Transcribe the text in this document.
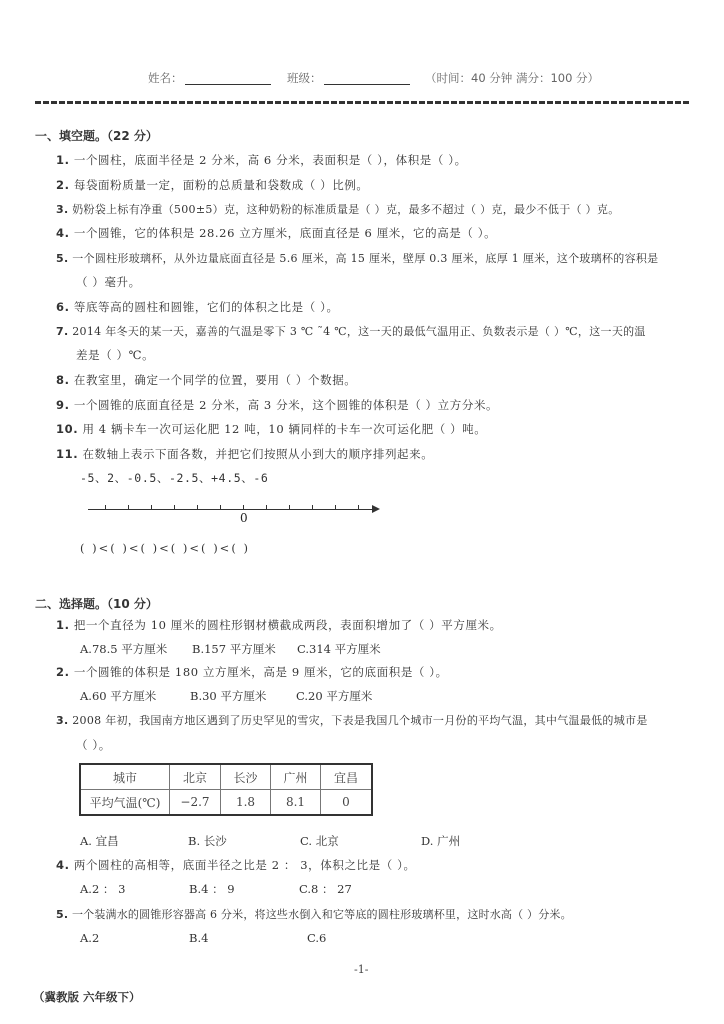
姓名：	班级：	（时间：40 分钟 满分：100 分）
一、填空题。（22 分）
1. 一个圆柱，底面半径是 2 分米，高 6 分米，表面积是（ ），体积是（ ）。
2. 每袋面粉质量一定，面粉的总质量和袋数成（ ）比例。
3. 奶粉袋上标有净重（500±5）克，这种奶粉的标准质量是（ ）克，最多不超过（ ）克，最少不低于（ ）克。
4. 一个圆锥，它的体积是 28.26 立方厘米，底面直径是 6 厘米，它的高是（ ）。
5. 一个圆柱形玻璃杯，从外边量底面直径是 5.6 厘米，高 15 厘米，壁厚 0.3 厘米，底厚 1 厘米，这个玻璃杯的容积是
（ ）毫升。
6. 等底等高的圆柱和圆锥，它们的体积之比是（ ）。
7. 2014 年冬天的某一天，嘉善的气温是零下 3 ℃ ˜4 ℃，这一天的最低气温用正、负数表示是（ ）℃，这一天的温
差是（ ）℃。
8. 在教室里，确定一个同学的位置，要用（ ）个数据。
9. 一个圆锥的底面直径是 2 分米，高 3 分米，这个圆锥的体积是（ ）立方分米。
10. 用 4 辆卡车一次可运化肥 12 吨，10 辆同样的卡车一次可运化肥（ ）吨。
11. 在数轴上表示下面各数，并把它们按照从小到大的顺序排列起来。
-5、2、-0.5、-2.5、+4.5、-6
0
( )<( )<( )<( )<( )<( )
二、选择题。（10 分）
1. 把一个直径为 10 厘米的圆柱形钢材横截成两段，表面积增加了（ ）平方厘米。
A.78.5 平方厘米 B.157 平方厘米 C.314 平方厘米
2. 一个圆锥的体积是 180 立方厘米，高是 9 厘米，它的底面积是（ ）。
A.60 平方厘米	B.30 平方厘米	C.20 平方厘米
3. 2008 年初，我国南方地区遇到了历史罕见的雪灾，下表是我国几个城市一月份的平均气温，其中气温最低的城市是
（ ）。
城市	北京	长沙	广州	宜昌
平均气温(℃)	−2.7	1.8	8.1	0
A. 宜昌	B. 长沙	C. 北京	D. 广州
4. 两个圆柱的高相等，底面半径之比是 2 ： 3，体积之比是（ ）。
A.2 ： 3	B.4 ： 9	C.8 ： 27
5. 一个装满水的圆锥形容器高 6 分米，将这些水倒入和它等底的圆柱形玻璃杯里，这时水高（ ）分米。
A.2	B.4	C.6
-1-
（冀教版 六年级下）
